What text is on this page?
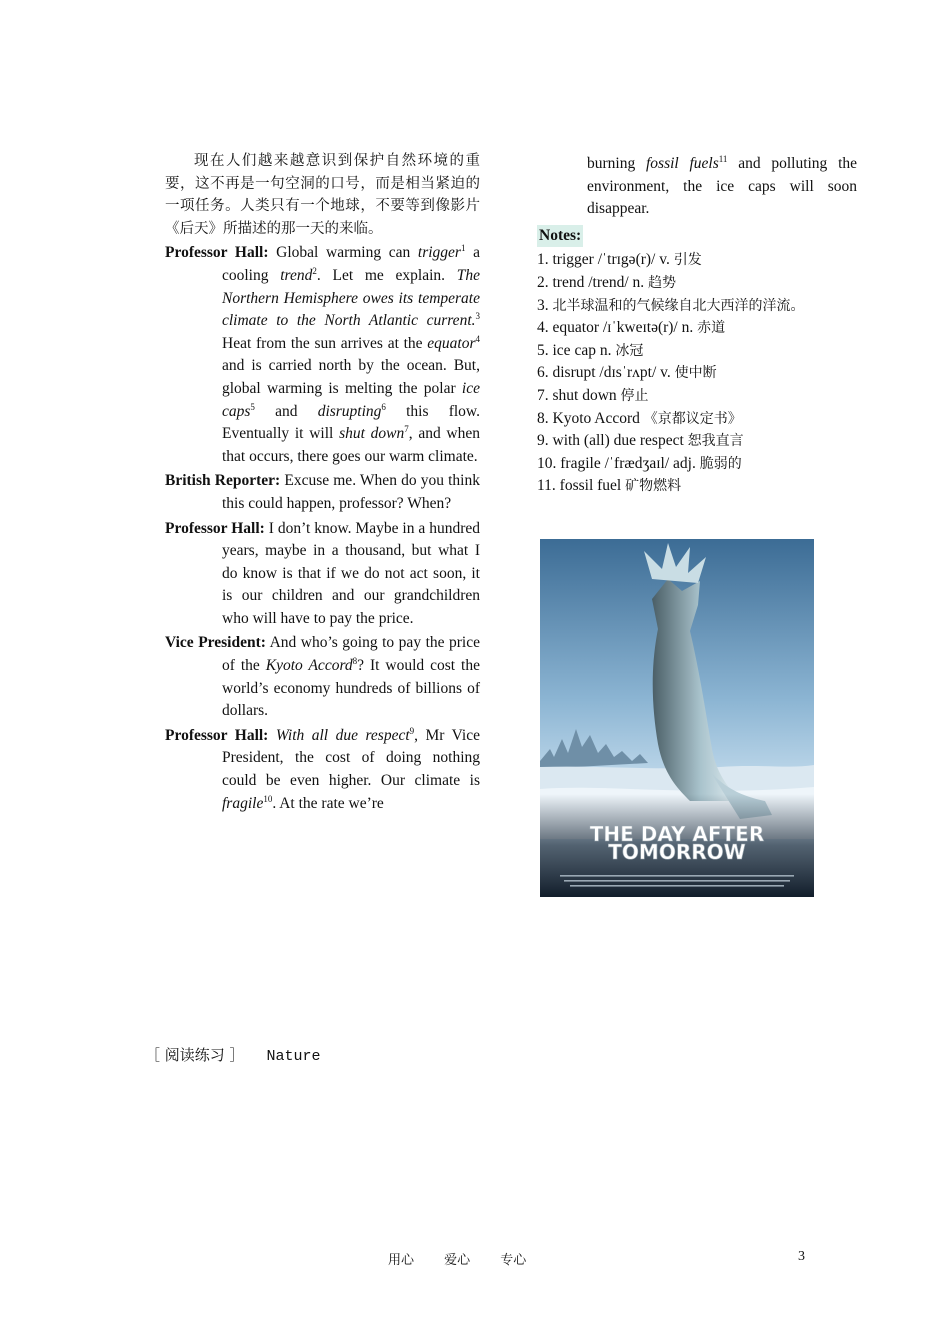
现在人们越来越意识到保护自然环境的重要，这不再是一句空洞的口号，而是相当紧迫的一项任务。人类只有一个地球，不要等到像影片《后天》所描述的那一天的来临。

Professor Hall: Global warming can trigger$^1$ a cooling trend$^2$. Let me explain. The Northern Hemisphere owes its temperate climate to the North Atlantic current.$^3$ Heat from the sun arrives at the equator$^4$ and is carried north by the ocean. But, global warming is melting the polar ice caps$^5$ and disrupting$^6$ this flow. Eventually it will shut down$^7$, and when that occurs, there goes our warm climate.

British Reporter: Excuse me. When do you think this could happen, professor? When?

Professor Hall: I don’t know. Maybe in a hundred years, maybe in a thousand, but what I do know is that if we do not act soon, it is our children and our grandchildren who will have to pay the price.

Vice President: And who’s going to pay the price of the Kyoto Accord$^8$? It would cost the world’s economy hundreds of billions of dollars.

Professor Hall: With all due respect$^9$, Mr Vice President, the cost of doing nothing could be even higher. Our climate is fragile$^{10}$. At the rate we’re

burning fossil fuels$^{11}$ and polluting the environment, the ice caps will soon disappear.

Notes:
1. trigger /ˈtrɪgə(r)/ v. 引发
2. trend /trend/ n. 趋势
3. 北半球温和的气候缘自北大西洋的洋流。
4. equator /ɪˈkweɪtə(r)/ n. 赤道
5. ice cap n. 冰冠
6. disrupt /dɪsˈrʌpt/ v. 使中断
7. shut down 停止
8. Kyoto Accord 《京都议定书》
9. with (all) due respect 恕我直言
10. fragile /ˈfrædʒaɪl/ adj. 脆弱的
11. fossil fuel 矿物燃料
THE DAY AFTER
TOMORROW
［ 阅读练习 ］ Nature
用心 爱心 专心	3
